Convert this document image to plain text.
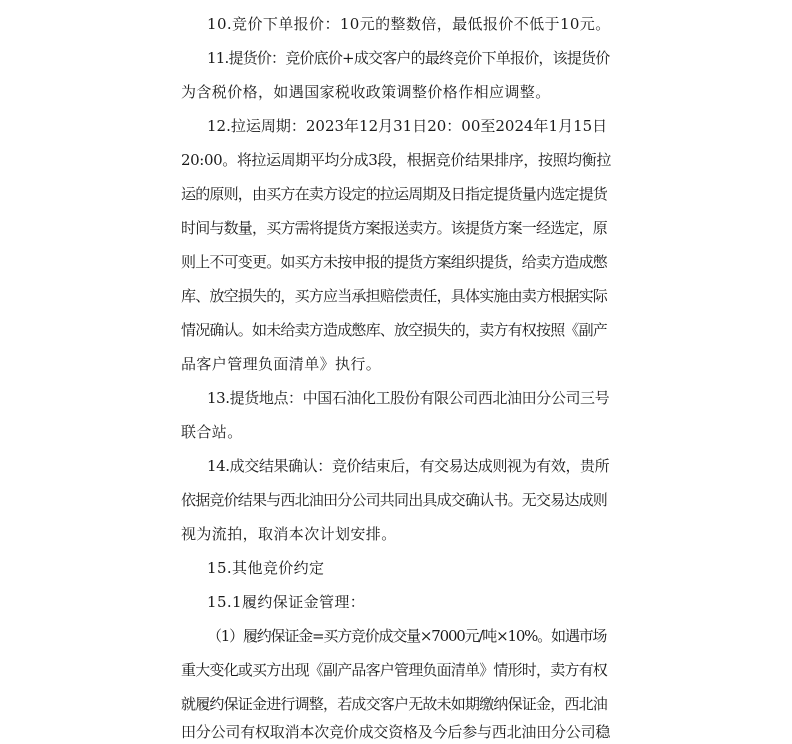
10.竞价下单报价：10元的整数倍，最低报价不低于10元。
11.提货价：竞价底价+成交客户的最终竞价下单报价，该提货价
为含税价格，如遇国家税收政策调整价格作相应调整。
12.拉运周期：2023年12月31日20：00至2024年1月15日
20:00。将拉运周期平均分成3段，根据竞价结果排序，按照均衡拉
运的原则，由买方在卖方设定的拉运周期及日指定提货量内选定提货
时间与数量，买方需将提货方案报送卖方。该提货方案一经选定，原
则上不可变更。如买方未按申报的提货方案组织提货，给卖方造成憋
库、放空损失的，买方应当承担赔偿责任，具体实施由卖方根据实际
情况确认。如未给卖方造成憋库、放空损失的，卖方有权按照《副产
品客户管理负面清单》执行。
13.提货地点：中国石油化工股份有限公司西北油田分公司三号
联合站。
14.成交结果确认：竞价结束后，有交易达成则视为有效，贵所
依据竞价结果与西北油田分公司共同出具成交确认书。无交易达成则
视为流拍，取消本次计划安排。
15.其他竞价约定
15.1履约保证金管理：
（1）履约保证金=买方竞价成交量×7000元/吨×10%。如遇市场
重大变化或买方出现《副产品客户管理负面清单》情形时，卖方有权
就履约保证金进行调整，若成交客户无故未如期缴纳保证金，西北油
田分公司有权取消本次竞价成交资格及今后参与西北油田分公司稳
